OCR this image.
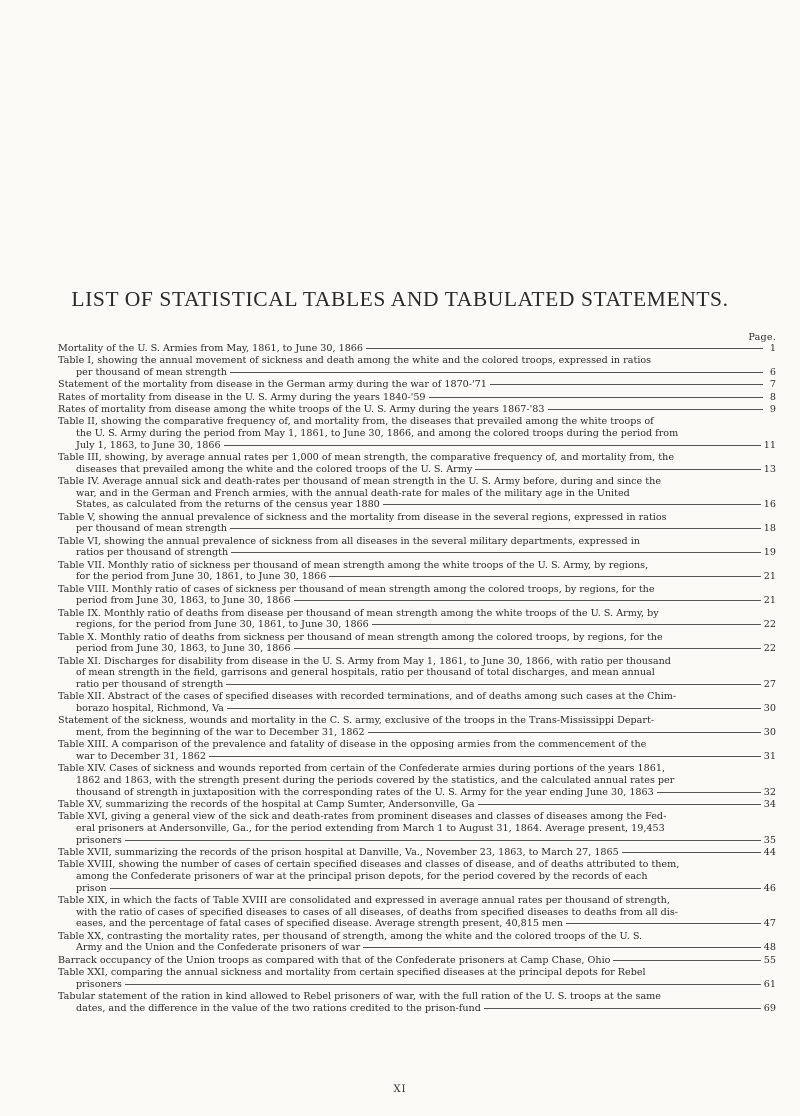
LIST OF STATISTICAL TABLES AND TABULATED STATEMENTS.
Page.
Mortality of the U. S. Armies from May, 1861, to June 30, 1866	1
Table I, showing the annual movement of sickness and death among the white and the colored troops, expressed in ratios
per thousand of mean strength	6
Statement of the mortality from disease in the German army during the war of 1870-'71	7
Rates of mortality from disease in the U. S. Army during the years 1840-'59	8
Rates of mortality from disease among the white troops of the U. S. Army during the years 1867-'83	9
Table II, showing the comparative frequency of, and mortality from, the diseases that prevailed among the white troops of
the U. S. Army during the period from May 1, 1861, to June 30, 1866, and among the colored troops during the period from
July 1, 1863, to June 30, 1866	11
Table III, showing, by average annual rates per 1,000 of mean strength, the comparative frequency of, and mortality from, the
diseases that prevailed among the white and the colored troops of the U. S. Army	13
Table IV. Average annual sick and death-rates per thousand of mean strength in the U. S. Army before, during and since the
war, and in the German and French armies, with the annual death-rate for males of the military age in the United
States, as calculated from the returns of the census year 1880	16
Table V, showing the annual prevalence of sickness and the mortality from disease in the several regions, expressed in ratios
per thousand of mean strength	18
Table VI, showing the annual prevalence of sickness from all diseases in the several military departments, expressed in
ratios per thousand of strength	19
Table VII. Monthly ratio of sickness per thousand of mean strength among the white troops of the U. S. Army, by regions,
for the period from June 30, 1861, to June 30, 1866	21
Table VIII. Monthly ratio of cases of sickness per thousand of mean strength among the colored troops, by regions, for the
period from June 30, 1863, to June 30, 1866	21
Table IX. Monthly ratio of deaths from disease per thousand of mean strength among the white troops of the U. S. Army, by
regions, for the period from June 30, 1861, to June 30, 1866	22
Table X. Monthly ratio of deaths from sickness per thousand of mean strength among the colored troops, by regions, for the
period from June 30, 1863, to June 30, 1866	22
Table XI. Discharges for disability from disease in the U. S. Army from May 1, 1861, to June 30, 1866, with ratio per thousand
of mean strength in the field, garrisons and general hospitals, ratio per thousand of total discharges, and mean annual
ratio per thousand of strength	27
Table XII. Abstract of the cases of specified diseases with recorded terminations, and of deaths among such cases at the Chim-
borazo hospital, Richmond, Va	30
Statement of the sickness, wounds and mortality in the C. S. army, exclusive of the troops in the Trans-Mississippi Depart-
ment, from the beginning of the war to December 31, 1862	30
Table XIII. A comparison of the prevalence and fatality of disease in the opposing armies from the commencement of the
war to December 31, 1862	31
Table XIV. Cases of sickness and wounds reported from certain of the Confederate armies during portions of the years 1861,
1862 and 1863, with the strength present during the periods covered by the statistics, and the calculated annual rates per
thousand of strength in juxtaposition with the corresponding rates of the U. S. Army for the year ending June 30, 1863	32
Table XV, summarizing the records of the hospital at Camp Sumter, Andersonville, Ga	34
Table XVI, giving a general view of the sick and death-rates from prominent diseases and classes of diseases among the Fed-
eral prisoners at Andersonville, Ga., for the period extending from March 1 to August 31, 1864. Average present, 19,453
prisoners	35
Table XVII, summarizing the records of the prison hospital at Danville, Va., November 23, 1863, to March 27, 1865	44
Table XVIII, showing the number of cases of certain specified diseases and classes of disease, and of deaths attributed to them,
among the Confederate prisoners of war at the principal prison depots, for the period covered by the records of each
prison	46
Table XIX, in which the facts of Table XVIII are consolidated and expressed in average annual rates per thousand of strength,
with the ratio of cases of specified diseases to cases of all diseases, of deaths from specified diseases to deaths from all dis-
eases, and the percentage of fatal cases of specified disease. Average strength present, 40,815 men	47
Table XX, contrasting the mortality rates, per thousand of strength, among the white and the colored troops of the U. S.
Army and the Union and the Confederate prisoners of war	48
Barrack occupancy of the Union troops as compared with that of the Confederate prisoners at Camp Chase, Ohio	55
Table XXI, comparing the annual sickness and mortality from certain specified diseases at the principal depots for Rebel
prisoners	61
Tabular statement of the ration in kind allowed to Rebel prisoners of war, with the full ration of the U. S. troops at the same
dates, and the difference in the value of the two rations credited to the prison-fund	69
XI
